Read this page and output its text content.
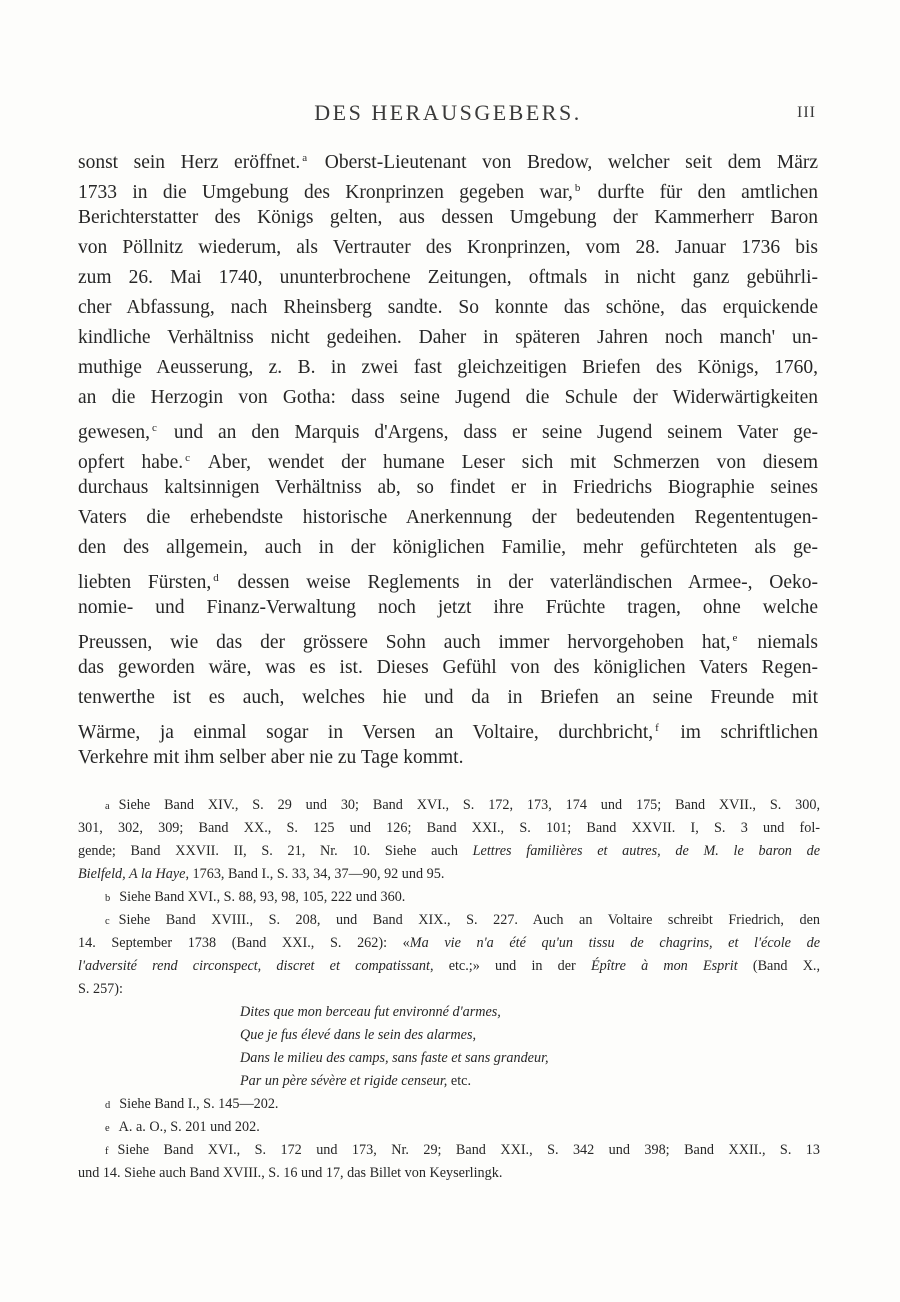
DES HERAUSGEBERS.	III
sonst sein Herz eröffnet. $^a$ Oberst-Lieutenant von Bredow, welcher seit dem März
1733 in die Umgebung des Kronprinzen gegeben war, $^b$ durfte für den amtlichen
Berichterstatter des Königs gelten, aus dessen Umgebung der Kammerherr Baron
von Pöllnitz wiederum, als Vertrauter des Kronprinzen, vom 28. Januar 1736 bis
zum 26. Mai 1740, ununterbrochene Zeitungen, oftmals in nicht ganz gebührli-
cher Abfassung, nach Rheinsberg sandte. So konnte das schöne, das erquickende
kindliche Verhältniss nicht gedeihen. Daher in späteren Jahren noch manch' un-
muthige Aeusserung, z. B. in zwei fast gleichzeitigen Briefen des Königs, 1760,
an die Herzogin von Gotha: dass seine Jugend die Schule der Widerwärtigkeiten
gewesen, $^c$ und an den Marquis d'Argens, dass er seine Jugend seinem Vater ge-
opfert habe. $^c$ Aber, wendet der humane Leser sich mit Schmerzen von diesem
durchaus kaltsinnigen Verhältniss ab, so findet er in Friedrichs Biographie seines
Vaters die erhebendste historische Anerkennung der bedeutenden Regententugen-
den des allgemein, auch in der königlichen Familie, mehr gefürchteten als ge-
liebten Fürsten, $^d$ dessen weise Reglements in der vaterländischen Armee-, Oeko-
nomie- und Finanz-Verwaltung noch jetzt ihre Früchte tragen, ohne welche
Preussen, wie das der grössere Sohn auch immer hervorgehoben hat, $^e$ niemals
das geworden wäre, was es ist. Dieses Gefühl von des königlichen Vaters Regen-
tenwerthe ist es auch, welches hie und da in Briefen an seine Freunde mit
Wärme, ja einmal sogar in Versen an Voltaire, durchbricht, $^f$ im schriftlichen
Verkehre mit ihm selber aber nie zu Tage kommt.
a Siehe Band XIV., S. 29 und 30; Band XVI., S. 172, 173, 174 und 175; Band XVII., S. 300,
301, 302, 309; Band XX., S. 125 und 126; Band XXI., S. 101; Band XXVII. I, S. 3 und fol-
gende; Band XXVII. II, S. 21, Nr. 10. Siehe auch Lettres familières et autres, de M. le baron de
Bielfeld, A la Haye, 1763, Band I., S. 33, 34, 37—90, 92 und 95.
b Siehe Band XVI., S. 88, 93, 98, 105, 222 und 360.
c Siehe Band XVIII., S. 208, und Band XIX., S. 227. Auch an Voltaire schreibt Friedrich, den
14. September 1738 (Band XXI., S. 262): «Ma vie n'a été qu'un tissu de chagrins, et l'école de
l'adversité rend circonspect, discret et compatissant, etc.;» und in der Épître à mon Esprit (Band X.,
S. 257):
Dites que mon berceau fut environné d'armes,
Que je fus élevé dans le sein des alarmes,
Dans le milieu des camps, sans faste et sans grandeur,
Par un père sévère et rigide censeur, etc.
d Siehe Band I., S. 145—202.
e A. a. O., S. 201 und 202.
f Siehe Band XVI., S. 172 und 173, Nr. 29; Band XXI., S. 342 und 398; Band XXII., S. 13
und 14. Siehe auch Band XVIII., S. 16 und 17, das Billet von Keyserlingk.
